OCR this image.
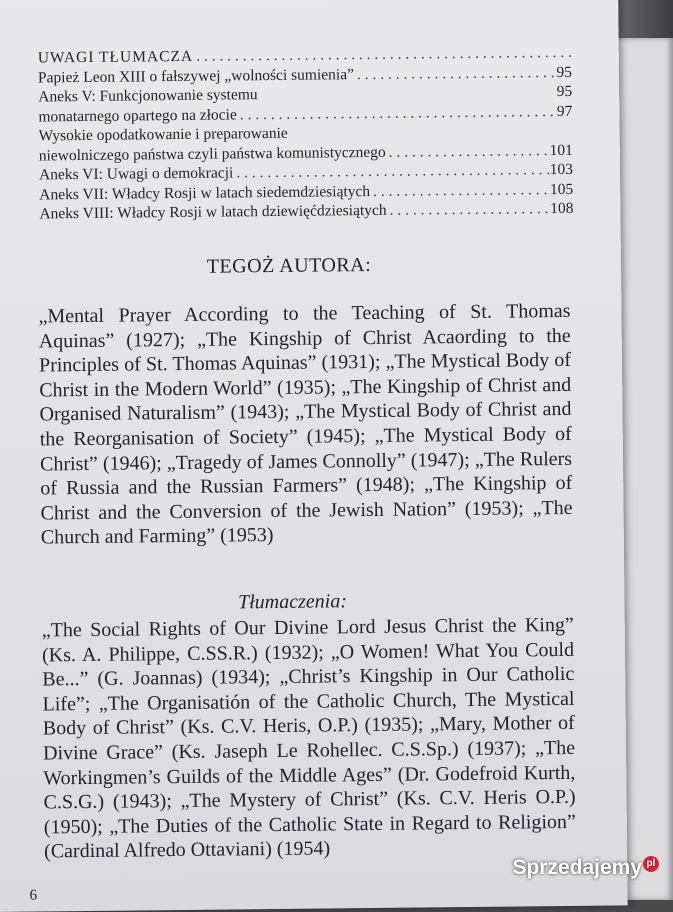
UWAGI TŁUMACZA
. . .
Papież Leon XIII o fałszywej „wolności sumienia” . . .	95
Aneks V: Funkcjonowanie systemu	95
monatarnego opartego na złocie . . .	97
Wysokie opodatkowanie i preparowanie
niewolniczego państwa czyli państwa komunistycznego . . .	101
Aneks VI: Uwagi o demokracji . . .	103
Aneks VII: Władcy Rosji w latach siedemdziesiątych . . .	105
Aneks VIII: Władcy Rosji w latach dziewięćdziesiątych . . .	108
TEGOŻ AUTORA:
„Mental Prayer According to the Teaching of St. Thomas Aquinas” (1927); „The Kingship of Christ Acaording to the Principles of St. Thomas Aquinas” (1931); „The Mystical Body of Christ in the Modern World” (1935); „The Kingship of Christ and Organised Naturalism” (1943); „The Mystical Body of Christ and the Reorganisation of Society” (1945); „The Mystical Body of Christ” (1946); „Tragedy of James Connolly” (1947); „The Rulers of Russia and the Russian Farmers” (1948); „The Kingship of Christ and the Conversion of the Jewish Nation” (1953); „The Church and Farming” (1953)
Tłumaczenia:
„The Social Rights of Our Divine Lord Jesus Christ the King” (Ks. A. Philippe, C.SS.R.) (1932); „O Women! What You Could Be...” (G. Joannas) (1934); „Christ’s Kingship in Our Catholic Life”; „The Organisatión of the Catholic Church, The Mystical Body of Christ” (Ks. C.V. Heris, O.P.) (1935); „Mary, Mother of Divine Grace” (Ks. Jaseph Le Rohellec. C.S.Sp.) (1937); „The Workingmen’s Guilds of the Middle Ages” (Dr. Godefroid Kurth, C.S.G.) (1943); „The Mystery of Christ” (Ks. C.V. Heris O.P.) (1950); „The Duties of the Catholic State in Regard to Religion” (Cardinal Alfredo Ottaviani) (1954)
6
Sprzedajemy pl
